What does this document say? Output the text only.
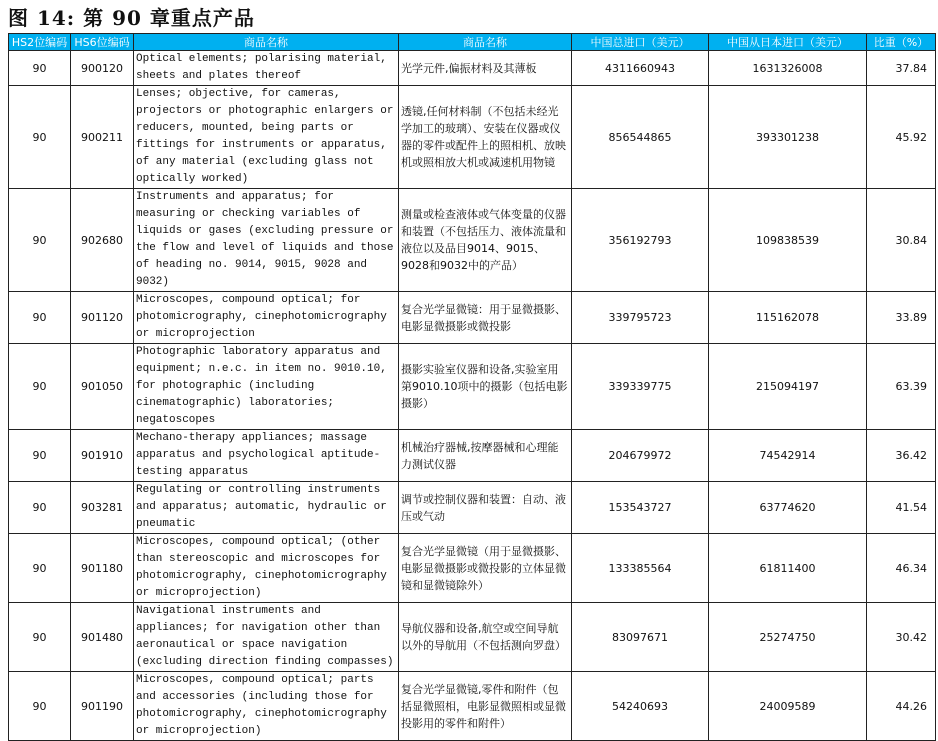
图 14: 第 90 章重点产品
HS2位编码	HS6位编码	商品名称	商品名称	中国总进口（美元）	中国从日本进口（美元）	比重（%）
90	900120	Optical elements; polarising material, sheets and plates thereof	光学元件,偏振材料及其薄板	4311660943	1631326008	37.84
90	900211	Lenses; objective, for cameras, projectors or photographic enlargers or reducers, mounted, being parts or fittings for instruments or apparatus, of any material (excluding glass not optically worked)	透镜,任何材料制（不包括未经光学加工的玻璃）、安装在仪器或仪器的零件或配件上的照相机、放映机或照相放大机或减速机用物镜	856544865	393301238	45.92
90	902680	Instruments and apparatus; for measuring or checking variables of liquids or gases (excluding pressure or the flow and level of liquids and those of heading no. 9014, 9015, 9028 and 9032)	测量或检查液体或气体变量的仪器和装置（不包括压力、液体流量和液位以及品目9014、9015、9028和9032中的产品）	356192793	109838539	30.84
90	901120	Microscopes, compound optical; for photomicrography, cinephotomicrography or microprojection	复合光学显微镜：用于显微摄影、电影显微摄影或微投影	339795723	115162078	33.89
90	901050	Photographic laboratory apparatus and equipment; n.e.c. in item no. 9010.10, for photographic (including cinematographic) laboratories; negatoscopes	摄影实验室仪器和设备,实验室用第9010.10项中的摄影（包括电影摄影）	339339775	215094197	63.39
90	901910	Mechano-therapy appliances; massage apparatus and psychological aptitude-testing apparatus	机械治疗器械,按摩器械和心理能力测试仪器	204679972	74542914	36.42
90	903281	Regulating or controlling instruments and apparatus; automatic, hydraulic or pneumatic	调节或控制仪器和装置：自动、液压或气动	153543727	63774620	41.54
90	901180	Microscopes, compound optical; (other than stereoscopic and microscopes for photomicrography, cinephotomicrography or microprojection)	复合光学显微镜（用于显微摄影、电影显微摄影或微投影的立体显微镜和显微镜除外）	133385564	61811400	46.34
90	901480	Navigational instruments and appliances; for navigation other than aeronautical or space navigation (excluding direction finding compasses)	导航仪器和设备,航空或空间导航以外的导航用（不包括测向罗盘）	83097671	25274750	30.42
90	901190	Microscopes, compound optical; parts and accessories (including those for photomicrography, cinephotomicrography or microprojection)	复合光学显微镜,零件和附件（包括显微照相，电影显微照相或显微投影用的零件和附件）	54240693	24009589	44.26
